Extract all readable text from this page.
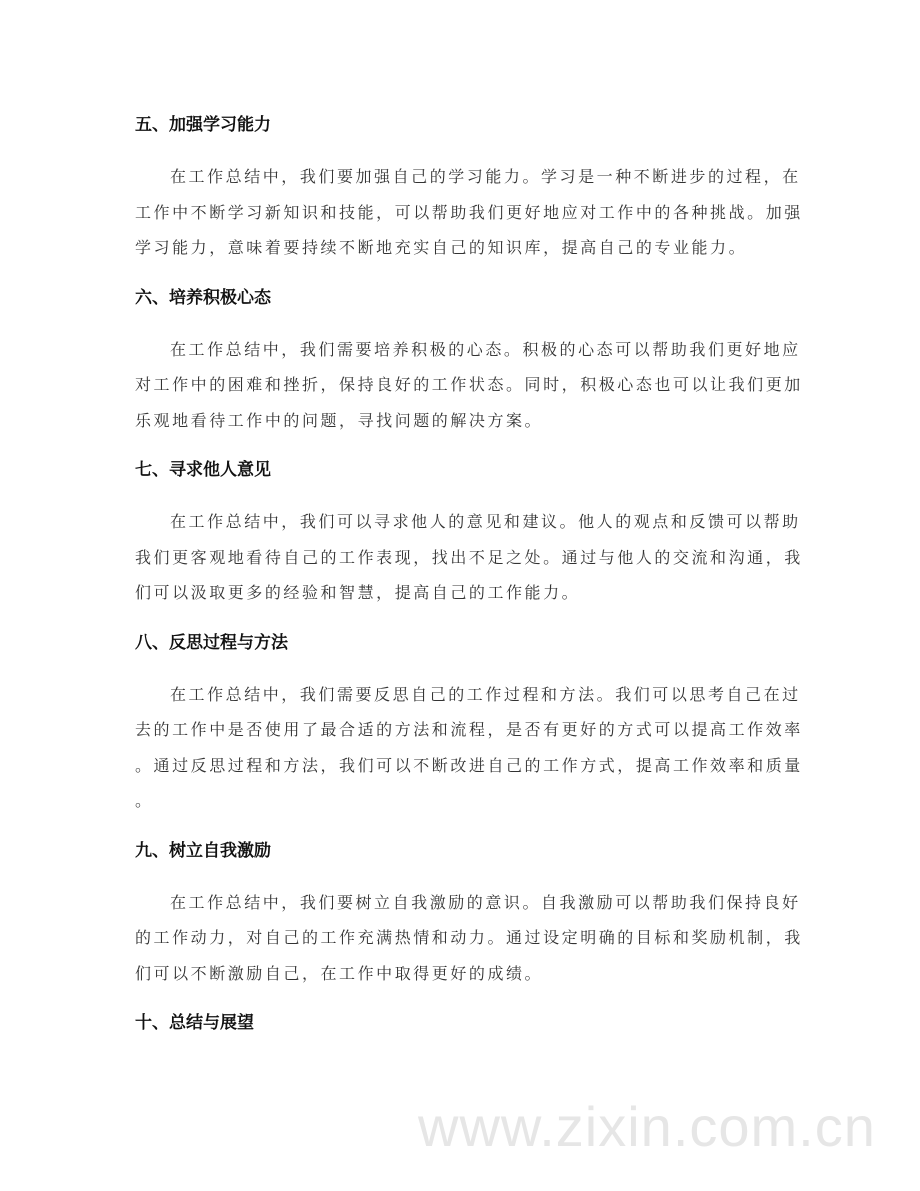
www.zixin.com.cn
五、加强学习能力
在工作总结中，我们要加强自己的学习能力。学习是一种不断进步的过程，在
工作中不断学习新知识和技能，可以帮助我们更好地应对工作中的各种挑战。加强
学习能力，意味着要持续不断地充实自己的知识库，提高自己的专业能力。
六、培养积极心态
在工作总结中，我们需要培养积极的心态。积极的心态可以帮助我们更好地应
对工作中的困难和挫折，保持良好的工作状态。同时，积极心态也可以让我们更加
乐观地看待工作中的问题，寻找问题的解决方案。
七、寻求他人意见
在工作总结中，我们可以寻求他人的意见和建议。他人的观点和反馈可以帮助
我们更客观地看待自己的工作表现，找出不足之处。通过与他人的交流和沟通，我
们可以汲取更多的经验和智慧，提高自己的工作能力。
八、反思过程与方法
在工作总结中，我们需要反思自己的工作过程和方法。我们可以思考自己在过
去的工作中是否使用了最合适的方法和流程，是否有更好的方式可以提高工作效率
。通过反思过程和方法，我们可以不断改进自己的工作方式，提高工作效率和质量
。
九、树立自我激励
在工作总结中，我们要树立自我激励的意识。自我激励可以帮助我们保持良好
的工作动力，对自己的工作充满热情和动力。通过设定明确的目标和奖励机制，我
们可以不断激励自己，在工作中取得更好的成绩。
十、总结与展望
